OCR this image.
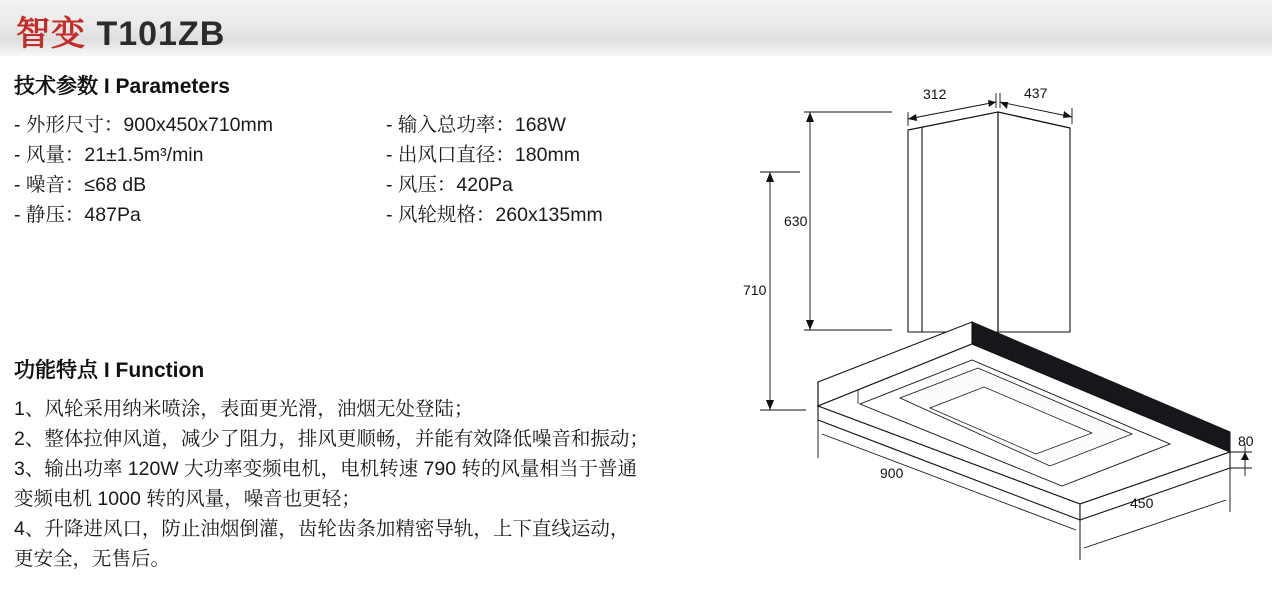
智变 T101ZB
技术参数 I Parameters
- 外形尺寸：900x450x710mm
- 风量：21±1.5m³/min
- 噪音：≤68 dB
- 静压：487Pa
- 输入总功率：168W
- 出风口直径：180mm
- 风压：420Pa
- 风轮规格：260x135mm
功能特点 I Function
1、风轮采用纳米喷涂，表面更光滑，油烟无处登陆；
2、整体拉伸风道，减少了阻力，排风更顺畅，并能有效降低噪音和振动；
3、输出功率 120W 大功率变频电机，电机转速 790 转的风量相当于普通
变频电机 1000 转的风量，噪音也更轻；
4、升降进风口，防止油烟倒灌，齿轮齿条加精密导轨，上下直线运动，
更安全，无售后。
312	437
630
710
80
900
450
